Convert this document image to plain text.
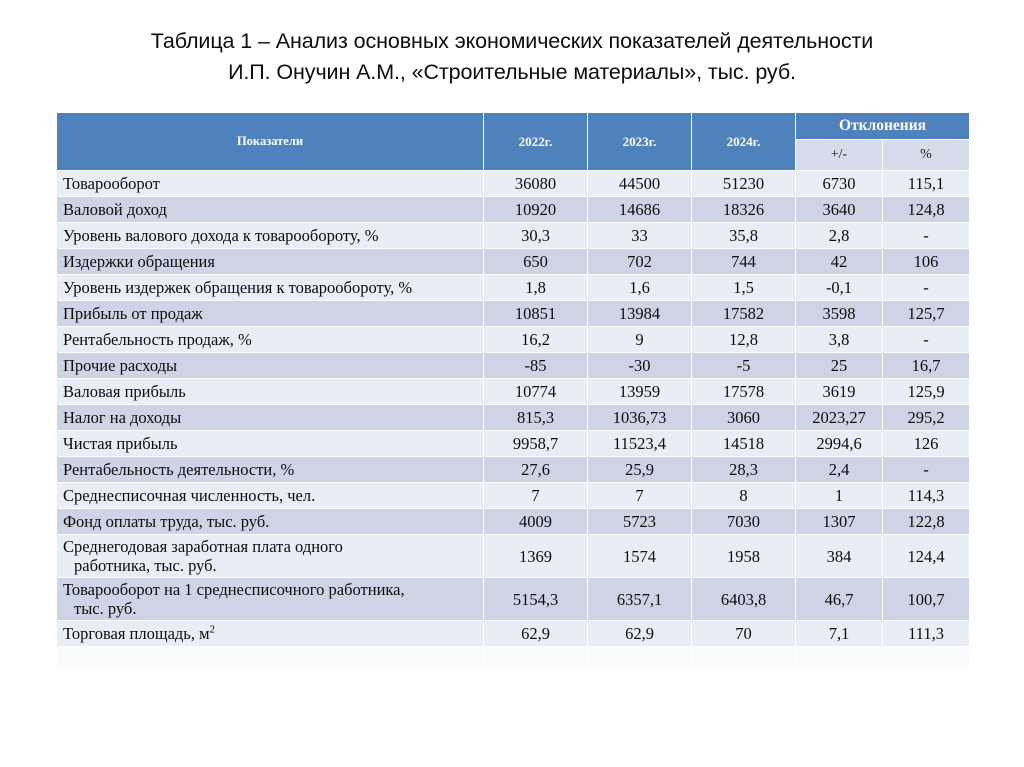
Таблица 1 – Анализ основных экономических показателей деятельности
И.П. Онучин А.М., «Строительные материалы», тыс. руб.
Показатели	2022г.	2023г.	2024г.	Отклонения	
				+/-	%
Товарооборот	36080	44500	51230	6730	115,1
Валовой доход	10920	14686	18326	3640	124,8
Уровень валового дохода к товарообороту, %	30,3	33	35,8	2,8	-
Издержки обращения	650	702	744	42	106
Уровень издержек обращения к товарообороту, %	1,8	1,6	1,5	-0,1	-
Прибыль от продаж	10851	13984	17582	3598	125,7
Рентабельность продаж, %	16,2	9	12,8	3,8	-
Прочие расходы	-85	-30	-5	25	16,7
Валовая прибыль	10774	13959	17578	3619	125,9
Налог на доходы	815,3	1036,73	3060	2023,27	295,2
Чистая прибыль	9958,7	11523,4	14518	2994,6	126
Рентабельность деятельности, %	27,6	25,9	28,3	2,4	-
Среднесписочная численность, чел.	7	7	8	1	114,3
Фонд оплаты труда, тыс. руб.	4009	5723	7030	1307	122,8
Среднегодовая заработная плата одного
работника, тыс. руб.	1369	1574	1958	384	124,4
Товарооборот на 1 среднесписочного работника,
тыс. руб.	5154,3	6357,1	6403,8	46,7	100,7
Торговая площадь, $м^2$	62,9	62,9	70	7,1	111,3
